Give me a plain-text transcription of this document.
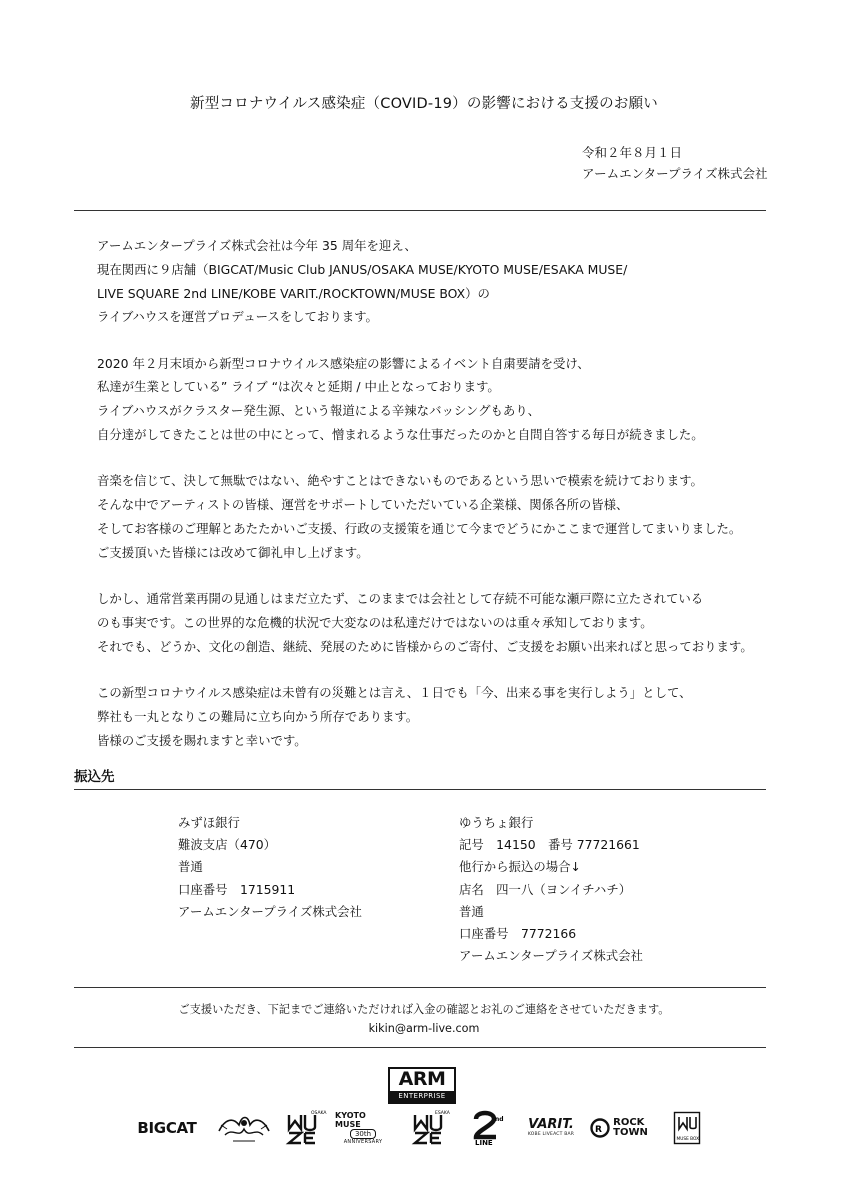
新型コロナウイルス感染症（COVID-19）の影響における支援のお願い
令和２年８月１日
アームエンタープライズ株式会社
アームエンタープライズ株式会社は今年 35 周年を迎え、
現在関西に９店舗（BIGCAT/Music Club JANUS/OSAKA MUSE/KYOTO MUSE/ESAKA MUSE/
LIVE SQUARE 2nd LINE/KOBE VARIT./ROCKTOWN/MUSE BOX）の
ライブハウスを運営プロデュースをしております。
2020 年２月末頃から新型コロナウイルス感染症の影響によるイベント自粛要請を受け、
私達が生業としている” ライブ “は次々と延期 / 中止となっております。
ライブハウスがクラスター発生源、という報道による辛辣なバッシングもあり、
自分達がしてきたことは世の中にとって、憎まれるような仕事だったのかと自問自答する毎日が続きました。
音楽を信じて、決して無駄ではない、絶やすことはできないものであるという思いで模索を続けております。
そんな中でアーティストの皆様、運営をサポートしていただいている企業様、関係各所の皆様、
そしてお客様のご理解とあたたかいご支援、行政の支援策を通じて今までどうにかここまで運営してまいりました。
ご支援頂いた皆様には改めて御礼申し上げます。
しかし、通常営業再開の見通しはまだ立たず、このままでは会社として存続不可能な瀬戸際に立たされている
のも事実です。この世界的な危機的状況で大変なのは私達だけではないのは重々承知しております。
それでも、どうか、文化の創造、継続、発展のために皆様からのご寄付、ご支援をお願い出来ればと思っております。
この新型コロナウイルス感染症は未曾有の災難とは言え、１日でも「今、出来る事を実行しよう」として、
弊社も一丸となりこの難局に立ち向かう所存であります。
皆様のご支援を賜れますと幸いです。
振込先
みずほ銀行
難波支店（470）
普通
口座番号　1715911
アームエンタープライズ株式会社
ゆうちょ銀行
記号　14150　番号 77721661
他行から振込の場合↓
店名　四一八（ヨンイチハチ）
普通
口座番号　7772166
アームエンタープライズ株式会社
ご支援いただき、下記までご連絡いただければ入金の確認とお礼のご連絡をさせていただきます。
kikin@arm-live.com
ARM
ENTERPRISE
BIGCAT
OSAKA KYOTO MUSE
30th
ANNIVERSARY
ESAKA
nd
LINE
VARIT.
KOBE LIVEACT BAR R
ROCK
TOWN
MUSE BOX
